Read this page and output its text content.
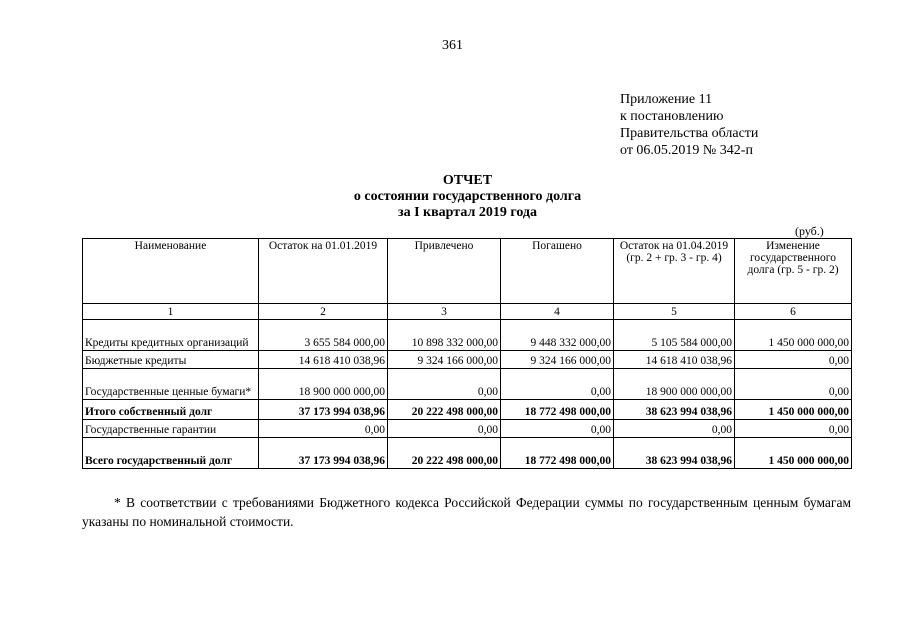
361
Приложение 11
к постановлению
Правительства области
от 06.05.2019 № 342-п
ОТЧЕТ
о состоянии государственного долга
за I квартал 2019 года
(руб.)
Наименование	Остаток на 01.01.2019	Привлечено	Погашено	Остаток на 01.04.2019 (гр. 2 + гр. 3 - гр. 4)	Изменение государственного долга (гр. 5 - гр. 2)
1	2	3	4	5	6
Кредиты кредитных организаций	3 655 584 000,00	10 898 332 000,00	9 448 332 000,00	5 105 584 000,00	1 450 000 000,00
Бюджетные кредиты	14 618 410 038,96	9 324 166 000,00	9 324 166 000,00	14 618 410 038,96	0,00
Государственные ценные бумаги*	18 900 000 000,00	0,00	0,00	18 900 000 000,00	0,00
Итого собственный долг	37 173 994 038,96	20 222 498 000,00	18 772 498 000,00	38 623 994 038,96	1 450 000 000,00
Государственные гарантии	0,00	0,00	0,00	0,00	0,00
Всего государственный долг	37 173 994 038,96	20 222 498 000,00	18 772 498 000,00	38 623 994 038,96	1 450 000 000,00
* В соответствии с требованиями Бюджетного кодекса Российской Федерации суммы по государственным ценным бумагам указаны по номинальной стоимости.
